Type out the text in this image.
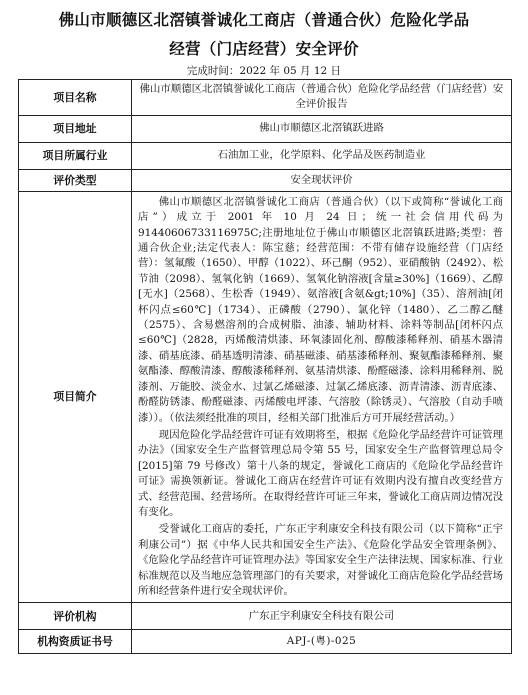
佛山市顺德区北滘镇誉诚化工商店（普通合伙）危险化学品
经营（门店经营）安全评价
完成时间：2022 年 05 月 12 日
项目名称	佛山市顺德区北滘镇誉诚化工商店（普通合伙）危险化学品经营（门店经营）安全评价报告
项目地址	佛山市顺德区北滘镇跃进路
项目所属行业	石油加工业，化学原料、化学品及医药制造业
评价类型	安全现状评价
项目简介	佛山市顺德区北滘镇誉诚化工商店（普通合伙）（以下或简称“誉诚化工商店”）成立于 2001 年 10 月 24 日；统一社会信用代码为91440606733116975C;注册地址位于佛山市顺德区北滘镇跃进路;类型：普通合伙企业;法定代表人：陈宝慈；经营范围：不带有储存设施经营（门店经营）：氢氟酸（1650）、甲醇（1022）、环己酮（952）、亚硝酸钠（2492）、松节油（2098）、氢氧化钠（1669）、氢氧化钠溶液[含量≥30%]（1669）、乙醇[无水]（2568）、生松香（1949）、氨溶液[含氨&gt;10%]（35）、溶剂油[闭杯闪点≤60℃]（1734）、正磷酸（2790）、氯化锌（1480）、乙二醇乙醚（2575）、含易燃溶剂的合成树脂、油漆、辅助材料、涂料等制品[闭杯闪点≤60℃]（2828，丙烯酸清烘漆、环氧漆固化剂、醇酸漆稀释剂、硝基木器清漆、硝基底漆、硝基透明清漆、硝基磁漆、硝基漆稀释剂、聚氨酯漆稀释剂、聚氨酯漆、醇酸清漆、醇酸漆稀释剂、氨基清烘漆、酚醛磁漆、涂料用稀释剂、脱漆剂、万能胶、淡金水、过氯乙烯磁漆、过氯乙烯底漆、沥青清漆、沥青底漆、酚醛防锈漆、酚醛磁漆、丙烯酸电坪漆、气溶胶（除锈灵）、气溶胶（自动手喷漆））。（依法须经批准的项目，经相关部门批准后方可开展经营活动。）

现因危险化学品经营许可证有效期将至，根据《危险化学品经营许可证管理办法》（国家安全生产监督管理总局令第 55 号，国家安全生产监督管理总局令[2015]第 79 号修改）第十八条的规定，誉诚化工商店的《危险化学品经营许可证》需换领新证。誉诚化工商店在经营许可证有效期内没有擅自改变经营方式、经营范围、经营场所。在取得经营许可证三年来，誉诚化工商店周边情况没有变化。

受誉诚化工商店的委托，广东正宇利康安全科技有限公司（以下简称“正宇利康公司”）据《中华人民共和国安全生产法》、《危险化学品安全管理条例》、《危险化学品经营许可证管理办法》等国家安全生产法律法规、国家标准、行业标准规范以及当地应急管理部门的有关要求，对誉诚化工商店危险化学品经营场所和经营条件进行安全现状评价。

评价机构	广东正宇利康安全科技有限公司
机构资质证书号	APJ-(粤)-025
